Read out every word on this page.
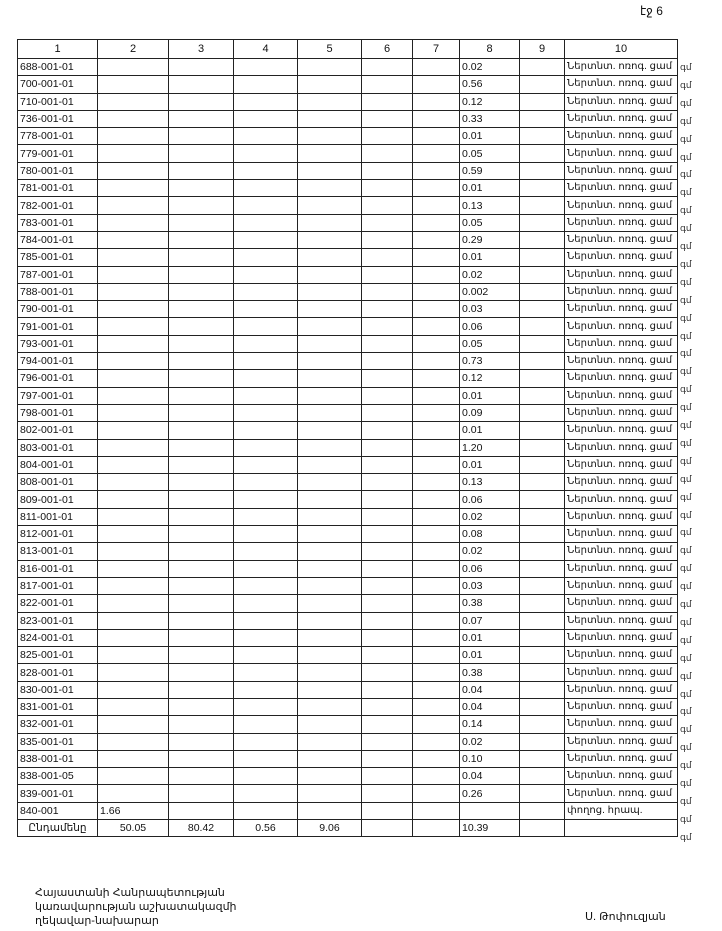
էջ 6
1	2	3	4	5	6	7	8	9	10
688-001-01							0.02		Ներտնտ. ոռոգ. ցամ
700-001-01							0.56		Ներտնտ. ոռոգ. ցամ
710-001-01							0.12		Ներտնտ. ոռոգ. ցամ
736-001-01							0.33		Ներտնտ. ոռոգ. ցամ
778-001-01							0.01		Ներտնտ. ոռոգ. ցամ
779-001-01							0.05		Ներտնտ. ոռոգ. ցամ
780-001-01							0.59		Ներտնտ. ոռոգ. ցամ
781-001-01							0.01		Ներտնտ. ոռոգ. ցամ
782-001-01							0.13		Ներտնտ. ոռոգ. ցամ
783-001-01							0.05		Ներտնտ. ոռոգ. ցամ
784-001-01							0.29		Ներտնտ. ոռոգ. ցամ
785-001-01							0.01		Ներտնտ. ոռոգ. ցամ
787-001-01							0.02		Ներտնտ. ոռոգ. ցամ
788-001-01							0.002		Ներտնտ. ոռոգ. ցամ
790-001-01							0.03		Ներտնտ. ոռոգ. ցամ
791-001-01							0.06		Ներտնտ. ոռոգ. ցամ
793-001-01							0.05		Ներտնտ. ոռոգ. ցամ
794-001-01							0.73		Ներտնտ. ոռոգ. ցամ
796-001-01							0.12		Ներտնտ. ոռոգ. ցամ
797-001-01							0.01		Ներտնտ. ոռոգ. ցամ
798-001-01							0.09		Ներտնտ. ոռոգ. ցամ
802-001-01							0.01		Ներտնտ. ոռոգ. ցամ
803-001-01							1.20		Ներտնտ. ոռոգ. ցամ
804-001-01							0.01		Ներտնտ. ոռոգ. ցամ
808-001-01							0.13		Ներտնտ. ոռոգ. ցամ
809-001-01							0.06		Ներտնտ. ոռոգ. ցամ
811-001-01							0.02		Ներտնտ. ոռոգ. ցամ
812-001-01							0.08		Ներտնտ. ոռոգ. ցամ
813-001-01							0.02		Ներտնտ. ոռոգ. ցամ
816-001-01							0.06		Ներտնտ. ոռոգ. ցամ
817-001-01							0.03		Ներտնտ. ոռոգ. ցամ
822-001-01							0.38		Ներտնտ. ոռոգ. ցամ
823-001-01							0.07		Ներտնտ. ոռոգ. ցամ
824-001-01							0.01		Ներտնտ. ոռոգ. ցամ
825-001-01							0.01		Ներտնտ. ոռոգ. ցամ
828-001-01							0.38		Ներտնտ. ոռոգ. ցամ
830-001-01							0.04		Ներտնտ. ոռոգ. ցամ
831-001-01							0.04		Ներտնտ. ոռոգ. ցամ
832-001-01							0.14		Ներտնտ. ոռոգ. ցամ
835-001-01							0.02		Ներտնտ. ոռոգ. ցամ
838-001-01							0.10		Ներտնտ. ոռոգ. ցամ
838-001-05							0.04		Ներտնտ. ոռոգ. ցամ
839-001-01							0.26		Ներտնտ. ոռոգ. ցամ
840-001	1.66								փողոց. հրապ.
Ընդամենը	50.05	80.42	0.56	9.06			10.39		
Հայաստանի Հանրապետության
կառավարության աշխատակազմի
ղեկավար-նախարար	Ս. Թոփուզյան
գմ
գմ
գմ
գմ
գմ
գմ
գմ
գմ
գմ
գմ
գմ
գմ
գմ
գմ
գմ
գմ
գմ
գմ
գմ
գմ
գմ
գմ
գմ
գմ
գմ
գմ
գմ
գմ
գմ
գմ
գմ
գմ
գմ
գմ
գմ
գմ
գմ
գմ
գմ
գմ
գմ
գմ
գմ
գմ
